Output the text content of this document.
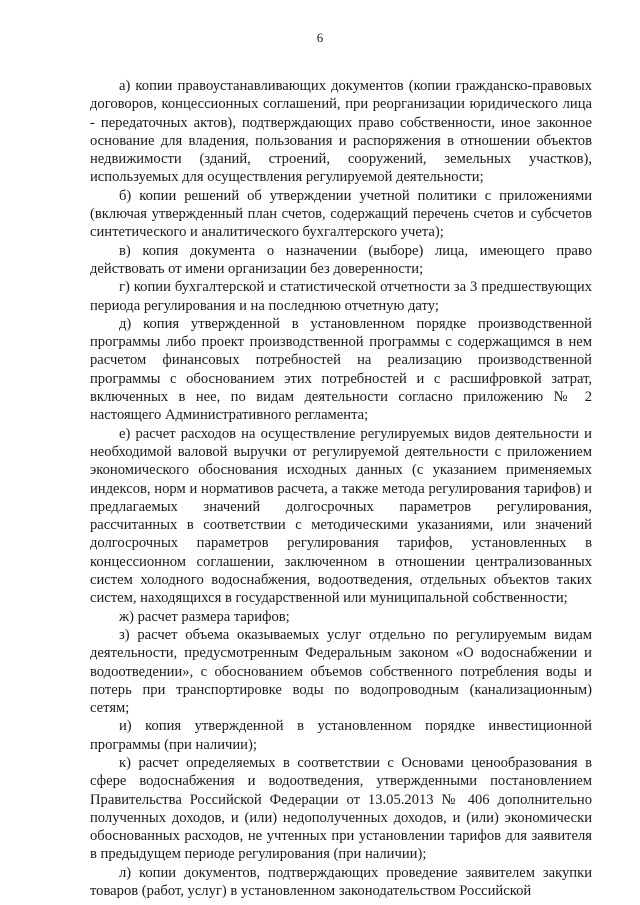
6

а) копии правоустанавливающих документов (копии гражданско-правовых договоров, концессионных соглашений, при реорганизации юридического лица - передаточных актов), подтверждающих право собственности, иное законное основание для владения, пользования и распоряжения в отношении объектов недвижимости (зданий, строений, сооружений, земельных участков), используемых для осуществления регулируемой деятельности;

б) копии решений об утверждении учетной политики с приложениями (включая утвержденный план счетов, содержащий перечень счетов и субсчетов синтетического и аналитического бухгалтерского учета);

в) копия документа о назначении (выборе) лица, имеющего право действовать от имени организации без доверенности;

г) копии бухгалтерской и статистической отчетности за 3 предшествующих периода регулирования и на последнюю отчетную дату;

д) копия утвержденной в установленном порядке производственной программы либо проект производственной программы с содержащимся в нем расчетом финансовых потребностей на реализацию производственной программы с обоснованием этих потребностей и с расшифровкой затрат, включенных в нее, по видам деятельности согласно приложению № 2 настоящего Административного регламента;

е) расчет расходов на осуществление регулируемых видов деятельности и необходимой валовой выручки от регулируемой деятельности с приложением экономического обоснования исходных данных (с указанием применяемых индексов, норм и нормативов расчета, а также метода регулирования тарифов) и предлагаемых значений долгосрочных параметров регулирования, рассчитанных в соответствии с методическими указаниями, или значений долгосрочных параметров регулирования тарифов, установленных в концессионном соглашении, заключенном в отношении централизованных систем холодного водоснабжения, водоотведения, отдельных объектов таких систем, находящихся в государственной или муниципальной собственности;

ж) расчет размера тарифов;

з) расчет объема оказываемых услуг отдельно по регулируемым видам деятельности, предусмотренным Федеральным законом «О водоснабжении и водоотведении», с обоснованием объемов собственного потребления воды и потерь при транспортировке воды по водопроводным (канализационным) сетям;

и) копия утвержденной в установленном порядке инвестиционной программы (при наличии);

к) расчет определяемых в соответствии с Основами ценообразования в сфере водоснабжения и водоотведения, утвержденными постановлением Правительства Российской Федерации от 13.05.2013 № 406 дополнительно полученных доходов, и (или) недополученных доходов, и (или) экономически обоснованных расходов, не учтенных при установлении тарифов для заявителя в предыдущем периоде регулирования (при наличии);

л) копии документов, подтверждающих проведение заявителем закупки товаров (работ, услуг) в установленном законодательством Российской
